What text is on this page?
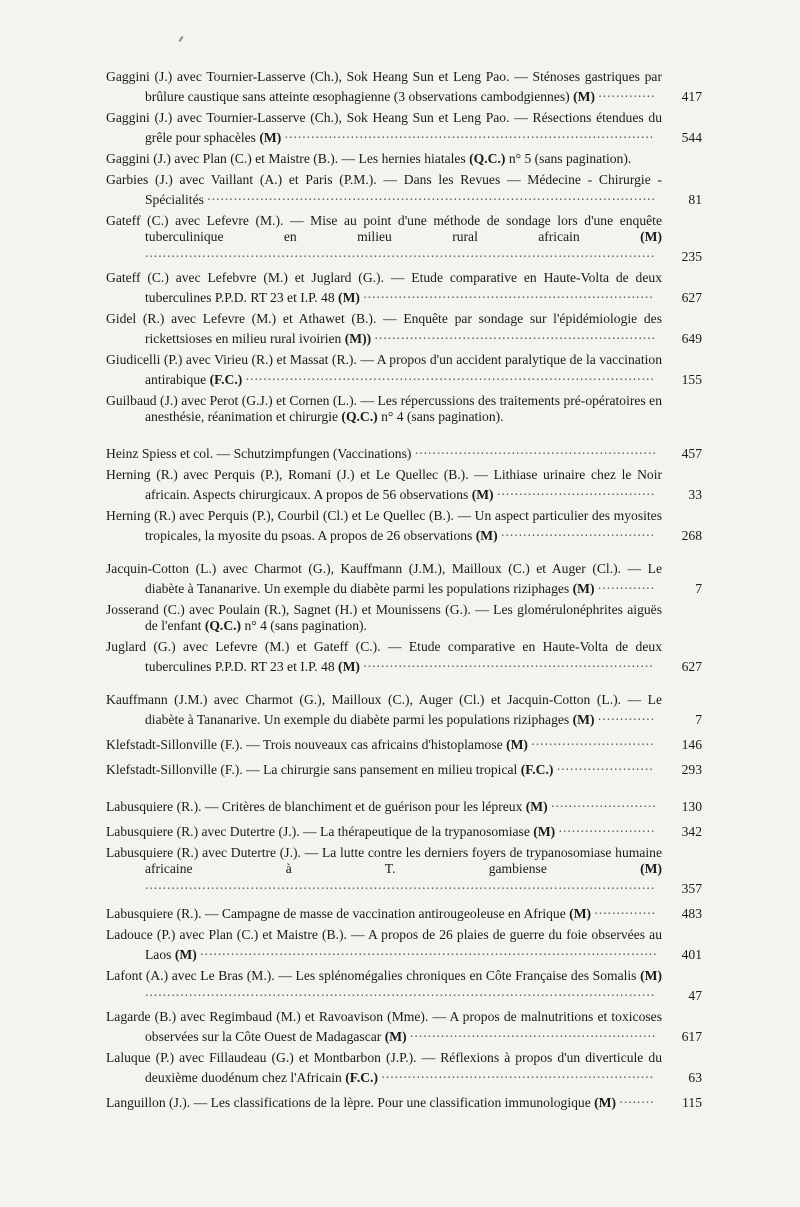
Gaggini (J.) avec Tournier-Lasserve (Ch.), Sok Heang Sun et Leng Pao. — Sténoses gastriques par brûlure caustique sans atteinte œsophagienne (3 observations cambodgiennes) (M) .............	417
Gaggini (J.) avec Tournier-Lasserve (Ch.), Sok Heang Sun et Leng Pao. — Résections étendues du grêle pour sphacèles (M) ....................................................................................	544
Gaggini (J.) avec Plan (C.) et Maistre (B.). — Les hernies hiatales (Q.C.) n° 5 (sans pagination).
Garbies (J.) avec Vaillant (A.) et Paris (P.M.). — Dans les Revues — Médecine - Chirurgie - Spécialités ......................................................................................................	81
Gateff (C.) avec Lefevre (M.). — Mise au point d'une méthode de sondage lors d'une enquête tuberculinique en milieu rural africain	(M) ....................................................................................................................	235
Gateff (C.) avec Lefebvre (M.) et Juglard (G.). — Etude comparative en Haute-Volta de deux tuberculines P.P.D. RT 23 et I.P. 48 (M) ..................................................................	627
Gidel (R.) avec Lefevre (M.) et Athawet (B.). — Enquête par sondage sur l'épidémiologie des rickettsioses en milieu rural ivoirien (M)) ................................................................	649
Giudicelli (P.) avec Virieu (R.) et Massat (R.). — A propos d'un accident paralytique de la vaccination antirabique (F.C.) .............................................................................................	155
Guilbaud (J.) avec Perot (G.J.) et Cornen (L.). — Les répercussions des traitements pré-opératoires en anesthésie, réanimation et chirurgie (Q.C.) n° 4 (sans pagination).
Heinz Spiess et col. — Schutzimpfungen (Vaccinations) .......................................................	457
Herning (R.) avec Perquis (P.), Romani (J.) et Le Quellec (B.). — Lithiase urinaire chez le Noir africain. Aspects chirurgicaux. A propos de 56 observations (M) ....................................	33
Herning (R.) avec Perquis (P.), Courbil (Cl.) et Le Quellec (B.). — Un aspect particulier des myosites tropicales, la myosite du psoas. A propos de 26 observations (M) ...................................	268
Jacquin-Cotton (L.) avec Charmot (G.), Kauffmann (J.M.), Mailloux (C.) et Auger (Cl.). — Le diabète à Tananarive. Un exemple du diabète parmi les populations riziphages (M) .............	7
Josserand (C.) avec Poulain (R.), Sagnet (H.) et Mounissens (G.). — Les glomérulonéphrites aiguës de l'enfant (Q.C.) n° 4 (sans pagination).
Juglard (G.) avec Lefevre (M.) et Gateff (C.). — Etude comparative en Haute-Volta de deux tuberculines P.P.D. RT 23 et I.P. 48 (M) ..................................................................	627
Kauffmann (J.M.) avec Charmot (G.), Mailloux (C.), Auger (Cl.) et Jacquin-Cotton (L.). — Le diabète à Tananarive. Un exemple du diabète parmi les populations riziphages (M) .............	7
Klefstadt-Sillonville (F.). — Trois nouveaux cas africains d'histoplamose (M) ............................	146
Klefstadt-Sillonville (F.). — La chirurgie sans pansement en milieu tropical (F.C.) ......................	293
Labusquiere (R.). — Critères de blanchiment et de guérison pour les lépreux (M) ........................	130
Labusquiere (R.) avec Dutertre (J.). — La thérapeutique de la trypanosomiase (M) ......................	342
Labusquiere (R.) avec Dutertre (J.). — La lutte contre les derniers foyers de trypanosomiase humaine africaine à T. gambiense	(M) ....................................................................................................................	357
Labusquiere (R.). — Campagne de masse de vaccination antirougeoleuse en Afrique (M) ..............	483
Ladouce (P.) avec Plan (C.) et Maistre (B.). — A propos de 26 plaies de guerre du foie observées au Laos (M) ........................................................................................................	401
Lafont (A.) avec Le Bras (M.). — Les splénomégalies chroniques en Côte Française des Somalis (M) ....................................................................................................................	47
Lagarde (B.) avec Regimbaud (M.) et Ravoavison (Mme). — A propos de malnutritions et toxicoses observées sur la Côte Ouest de Madagascar (M) ........................................................	617
Laluque (P.) avec Fillaudeau (G.) et Montbarbon (J.P.). — Réflexions à propos d'un diverticule du deuxième duodénum chez l'Africain (F.C.) ..............................................................	63
Languillon (J.). — Les classifications de la lèpre. Pour une classification immunologique (M) ........	115
